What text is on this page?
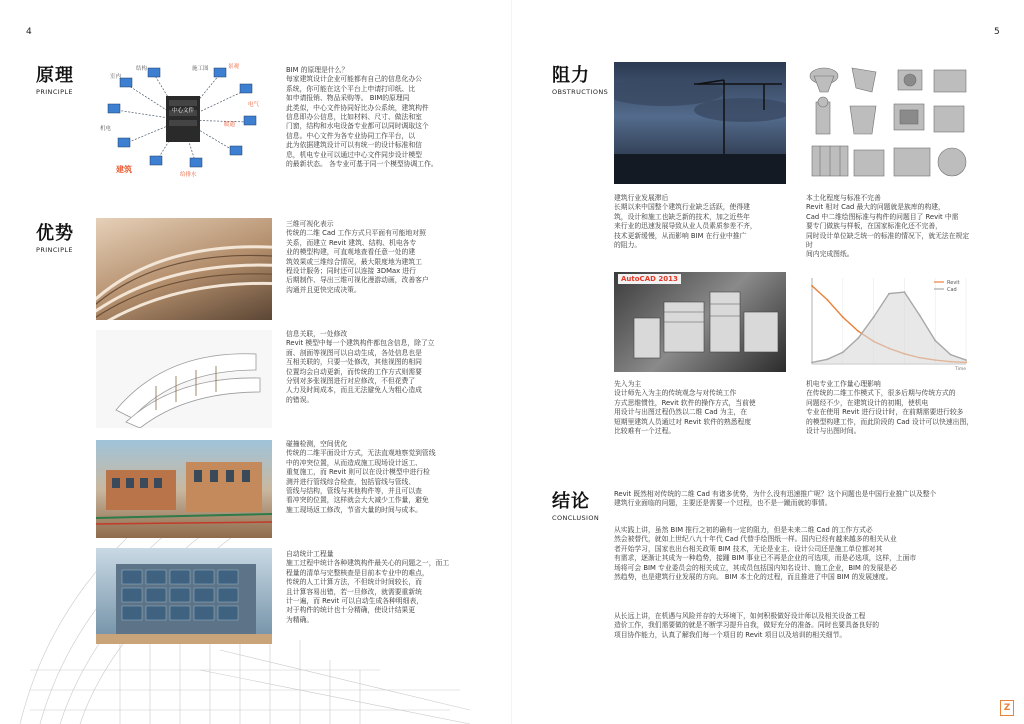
4	5
原理
PRINCIPLE
中心文件
暖通
电气
机电
给排水
施工图	景观
室内
建筑
结构	BIM 的原理是什么？
每家建筑设计企业可能都有自己的信息化办公
系统，你可能在这个平台上申请打印纸、比
如申请报销、物品采购等。 BIM的原理同
此类似，中心文件协同好比办公系统，建筑构件
信息即办公信息，比如材料、尺寸、做法和室
门窗，结构和水电设备专业都可以同时调取这个
信息。中心文件为各专业协同工作平台，以
此为依据建筑设计可以有统一的设计标准和信
息，机电专业可以通过中心文件同步设计模型
的最新状态。 各专业可基于同一个模型协调工作。
优势
PRINCIPLE
三维可视化表示
传统的二维 Cad 工作方式只平面有可能地对照
关系，而建立 Revit 建筑、结构、机电各专
业的模型构建，可直观地查看任意一处的建
筑效果或三维综合情况，最大限度地为建筑工
程设计服务；同时还可以连接 3DMax 进行
后期制作、导出三维可视化漫游动画，改善客户
沟通并且更快完成决策。
信息关联，一处修改
Revit 模型中每一个建筑构件都包含信息，除了立
面、剖面等视图可以自动生成，各处信息也是
互相关联的，只要一处修改，其他视图的相同
位置均会自动更新，而传统的工作方式则需要
分别对多张视图进行对应修改，不但花费了
人力及时间成本，而且无法避免人为粗心造成
的错误。
碰撞检测，空间优化
传统的二维平面设计方式，无法直观地察觉到管线
中的冲突位置，从而造成施工现场设计返工、
重复施工，而 Revit 则可以在设计模型中进行检
测并进行管线综合检查，包括管线与管线、
管线与结构，管线与其他构件等，并且可以查
看冲突的位置，这样就会大大减少工作量，避免
施工现场返工修改，节省大量的时间与成本。
自动统计工程量
施工过程中统计各种建筑构件最关心的问题之一，而工
程量的清单与完整核查是目前本专业中的难点，
传统的人工计算方法，不但统计时间较长，而
且计算容易出错，若一旦修改，就需要重新统
计一遍，而 Revit 可以自动生成各种明细表，
对于构件的统计也十分精确，使设计结果更
为精确。
阻力
OBSTRUCTIONS
建筑行业发展滞后
长期以来中国整个建筑行业缺乏活跃，使得建
筑，设计和施工也缺乏新的技术，加之近些年
来行业的迅速发展导致从业人员素质参差不齐，
技术更新缓慢，从而影响 BIM 在行业中推广
的阻力。
本土化程度与标准不完善
Revit 相对 Cad 最大的问题就是族库的构建，
Cad 中二维绘图标准与构件的问题目了 Revit 中需
要专门做族与样板，在国家标准化还不完善，
同时设计单位缺乏统一的标准的情况下，就无法在规定时
间内完成图纸。
AutoCAD 2013
先入为主
设计师先入为主的传统观念与对传统工作
方式思维惯性，Revit 软件的操作方式，当前使
用设计与出图过程仍然以二维 Cad 为主，在
短期里建筑人员通过对 Revit 软件的熟悉程度
比较难有一个过程。
Revit
Cad
Time
机电专业工作量心理影响
在传统的二维工作模式下，很多后期与传统方式的
问题经不少，在建筑设计的初期，使机电
专业在使用 Revit 进行设计时，在前期需要进行较多
的模型构建工作，而此阶段的 Cad 设计可以快速出图，
设计与出图时间。
结论
CONCLUSION
Revit 既然相对传统的二维 Cad 有诸多优势，为什么没有迅速推广呢？这个问题也是中国行业推广以及整个
建筑行业面临的问题，主要还是需要一个过程，也不是一蹴而就的事情。
从实践上讲，虽然 BIM 推行之初的确有一定的阻力，但是未来二维 Cad 的工作方式必
然会被替代，就如上世纪八九十年代 Cad 代替手绘图纸一样。国内已经有越来越多的相关从业
者开始学习，国家也出台相关政策 BIM 技术，无论是业主、设计公司还是施工单位都对其
有需求，逐渐让其成为一种趋势，接踵 BIM 事业已不再是企业的可选项，而是必选项，这样，上面市
场将可会 BIM 专业委员会的相关成立，其成员包括国内知名设计、施工企业，BIM 的发展是必
然趋势，也是建筑行业发展的方向。 BIM 本土化的过程，而且推进了中国 BIM 的发展速度。
从长远上讲，在机遇与风险并存的大环境下，如何积极做好设计师以及相关设备工程
造价工作，我们需要做的就是不断学习提升自我，做好充分的准备。同时也要具备良好的
项目协作能力，认真了解我们每一个项目的 Revit 项目以及培训的相关细节。
Z
